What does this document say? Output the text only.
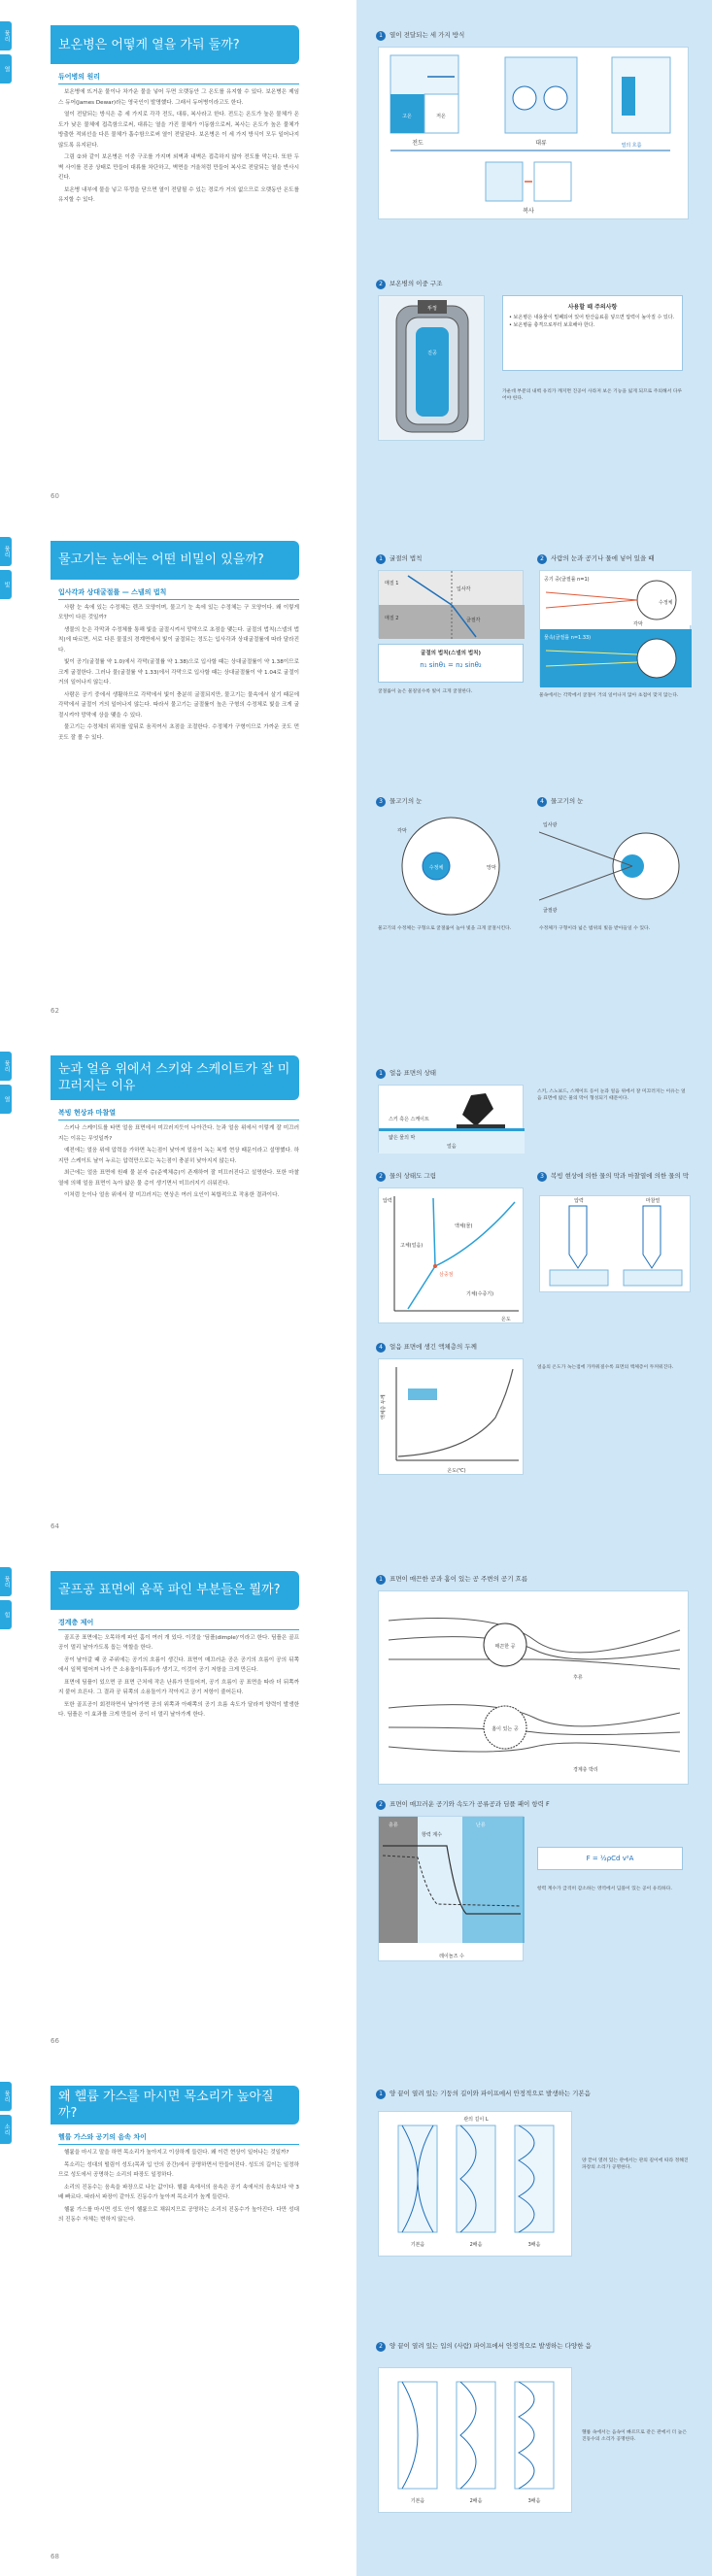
물리
열
보온병은 어떻게 열을 가둬 둘까?
듀어병의 원리

보온병에 뜨거운 물이나 차가운 물을 넣어 두면 오랫동안 그 온도를 유지할 수 있다. 보온병은 제임스 듀어(James Dewar)라는 영국인이 발명했다. 그래서 듀어병이라고도 한다.

열이 전달되는 방식은 총 세 가지로 각각 전도, 대류, 복사라고 한다. 전도는 온도가 높은 물체가 온도가 낮은 물체에 접촉함으로써, 대류는 열을 가진 물체가 이동함으로써, 복사는 온도가 높은 물체가 방출한 적외선을 다른 물체가 흡수함으로써 열이 전달된다. 보온병은 이 세 가지 방식이 모두 일어나지 않도록 유지된다.

그림 ②와 같이 보온병은 이중 구조를 가지며 외벽과 내벽은 접촉하지 않아 전도를 막는다. 또한 두 벽 사이를 진공 상태로 만들어 대류를 차단하고, 벽면을 거울처럼 만들어 복사로 전달되는 열을 반사시킨다.

보온병 내부에 물을 넣고 뚜껑을 닫으면 열이 전달될 수 있는 경로가 거의 없으므로 오랫동안 온도를 유지할 수 있다.

60
1	열이 전달되는 세 가지 방식
전도	대류
복사
고온	저온
열의 흐름
2	보온병의 이중 구조
진공
뚜껑	사용할 때 주의사항
• 보온병은 내용물이 밀폐되어 있어 탄산음료를 넣으면 압력이 높아질 수 있다.
• 보온병을 충격으로부터 보호해야 한다.
가운데 부분의 내벽 유리가 깨지면 진공이 사라져 보온 기능을 잃게 되므로 주의해서 다루어야 한다.
물리
빛
물고기는 눈에는 어떤 비밀이 있을까?
입사각과 상대굴절률 — 스넬의 법칙

사람 눈 속에 있는 수정체는 렌즈 모양이며, 물고기 눈 속에 있는 수정체는 구 모양이다. 왜 이렇게 모양이 다른 것일까?

생물의 눈은 각막과 수정체를 통해 빛을 굴절시켜서 망막으로 초점을 맺는다. 굴절의 법칙(스넬의 법칙)에 따르면, 서로 다른 물질의 경계면에서 빛이 굴절되는 정도는 입사각과 상대굴절률에 따라 달라진다.

빛이 공기(굴절률 약 1.0)에서 각막(굴절률 약 1.38)으로 입사할 때는 상대굴절률이 약 1.38이므로 크게 굴절한다. 그러나 물(굴절률 약 1.33)에서 각막으로 입사할 때는 상대굴절률이 약 1.04로 굴절이 거의 일어나지 않는다.

사람은 공기 중에서 생활하므로 각막에서 빛이 충분히 굴절되지만, 물고기는 물속에서 살기 때문에 각막에서 굴절이 거의 일어나지 않는다. 따라서 물고기는 굴절률이 높은 구형의 수정체로 빛을 크게 굴절시켜야 망막에 상을 맺을 수 있다.

물고기는 수정체의 위치를 앞뒤로 움직여서 초점을 조절한다. 수정체가 구형이므로 가까운 곳도 먼 곳도 잘 볼 수 있다.

62
1	굴절의 법칙
매질 1
매질 2
입사각
굴절각
굴절의 법칙(스넬의 법칙)
n₁ sinθ₁ = n₂ sinθ₂
굴절률이 높은 물질일수록 빛이 크게 굴절한다.
2	사람의 눈과 공기나 물에 넣어 있을 때
공기 중(굴절률 n=1)
물속(굴절률 n=1.33)
각막
수정체
물속에서는 각막에서 굴절이 거의 일어나지 않아 초점이 맞지 않는다.
3	물고기의 눈
각막
수정체	망막
물고기의 수정체는 구형으로 굴절률이 높아 빛을 크게 굴절시킨다.
4	물고기의 눈
입사광
굴절광
수정체가 구형이라 넓은 범위의 빛을 받아들일 수 있다.
물리
열
눈과 얼음 위에서 스키와 스케이트가 잘 미끄러지는 이유
복빙 현상과 마찰열

스키나 스케이트를 타면 얼음 표면에서 미끄러지듯이 나아간다. 눈과 얼음 위에서 이렇게 잘 미끄러지는 이유는 무엇일까?

예전에는 얼음 위에 압력을 가하면 녹는점이 낮아져 얼음이 녹는 복빙 현상 때문이라고 설명했다. 하지만 스케이트 날이 누르는 압력만으로는 녹는점이 충분히 낮아지지 않는다.

최근에는 얼음 표면에 원래 물 분자 층(준액체층)이 존재하여 잘 미끄러진다고 설명한다. 또한 마찰열에 의해 얼음 표면이 녹아 얇은 물 층이 생기면서 미끄러지기 쉬워진다.

이처럼 눈이나 얼음 위에서 잘 미끄러지는 현상은 여러 요인이 복합적으로 작용한 결과이다.

64
1	얼음 표면의 상태
스키 혹은 스케이트
얇은 물의 막
얼음
스키, 스노보드, 스케이트 등이 눈과 얼음 위에서 잘 미끄러지는 이유는 얼음 표면에 얇은 물의 막이 형성되기 때문이다.
2	물의 상태도 그림
압력
온도
고체(얼음)
액체(물)
기체(수증기)
삼중점
3	복빙 현상에 의한 물의 막과 마찰열에 의한 물의 막
압력	마찰열
4	얼음 표면에 생긴 액체층의 두께
액체층 두께
온도(℃)
얼음의 온도가 녹는점에 가까워질수록 표면의 액체층이 두꺼워진다.
물리
힘
골프공 표면에 움푹 파인 부분들은 뭘까?
경계층 제어

골프공 표면에는 오목하게 파인 홈이 여러 개 있다. 이것을 '딤플(dimple)'이라고 한다. 딤플은 골프공이 멀리 날아가도록 돕는 역할을 한다.

공이 날아갈 때 공 주위에는 공기의 흐름이 생긴다. 표면이 매끄러운 공은 공기의 흐름이 공의 뒤쪽에서 일찍 떨어져 나가 큰 소용돌이(후류)가 생기고, 이것이 공기 저항을 크게 만든다.

표면에 딤플이 있으면 공 표면 근처에 작은 난류가 만들어져, 공기 흐름이 공 표면을 따라 더 뒤쪽까지 붙어 흐른다. 그 결과 공 뒤쪽의 소용돌이가 작아지고 공기 저항이 줄어든다.

또한 골프공이 회전하면서 날아가면 공의 위쪽과 아래쪽의 공기 흐름 속도가 달라져 양력이 발생한다. 딤플은 이 효과를 크게 만들어 공이 더 멀리 날아가게 한다.

66
1	표면이 매끈한 공과 홈이 있는 공 주변의 공기 흐름
매끈한 공
홈이 있는 공
후류
경계층 박리
2	표면이 매끄러운 공기와 속도가 공류공과 딤플 패이 항력 F
층류	난류
레이놀즈 수
항력 계수
F = ½ρCd v²A
항력 계수가 급격히 감소하는 영역에서 딤플이 있는 공이 유리하다.
물리
소리
왜 헬륨 가스를 마시면 목소리가 높아질까?
헬륨 가스와 공기의 음속 차이

헬륨을 마시고 말을 하면 목소리가 높아지고 이상하게 들린다. 왜 이런 현상이 일어나는 것일까?

목소리는 성대의 떨림이 성도(목과 입 안의 공간)에서 공명하면서 만들어진다. 성도의 길이는 일정하므로 성도에서 공명하는 소리의 파장도 일정하다.

소리의 진동수는 음속을 파장으로 나눈 값이다. 헬륨 속에서의 음속은 공기 속에서의 음속보다 약 3배 빠르다. 따라서 파장이 같아도 진동수가 높아져 목소리가 높게 들린다.

헬륨 가스를 마시면 성도 안이 헬륨으로 채워지므로 공명하는 소리의 진동수가 높아진다. 다만 성대의 진동수 자체는 변하지 않는다.

68
1	양 끝이 열려 있는 기둥의 길이와 파이프에서 안정적으로 발생하는 기본음
기본음	2배음	3배음
관의 길이 L
양 끝이 열려 있는 관에서는 관의 길이에 따라 정해진 파장의 소리가 공명한다.
2	양 끝이 열려 있는 입의 (사람) 파이프에서 안정적으로 발생하는 다양한 음
기본음	2배음	3배음
헬륨 속에서는 음속이 빠르므로 같은 관에서 더 높은 진동수의 소리가 공명한다.
